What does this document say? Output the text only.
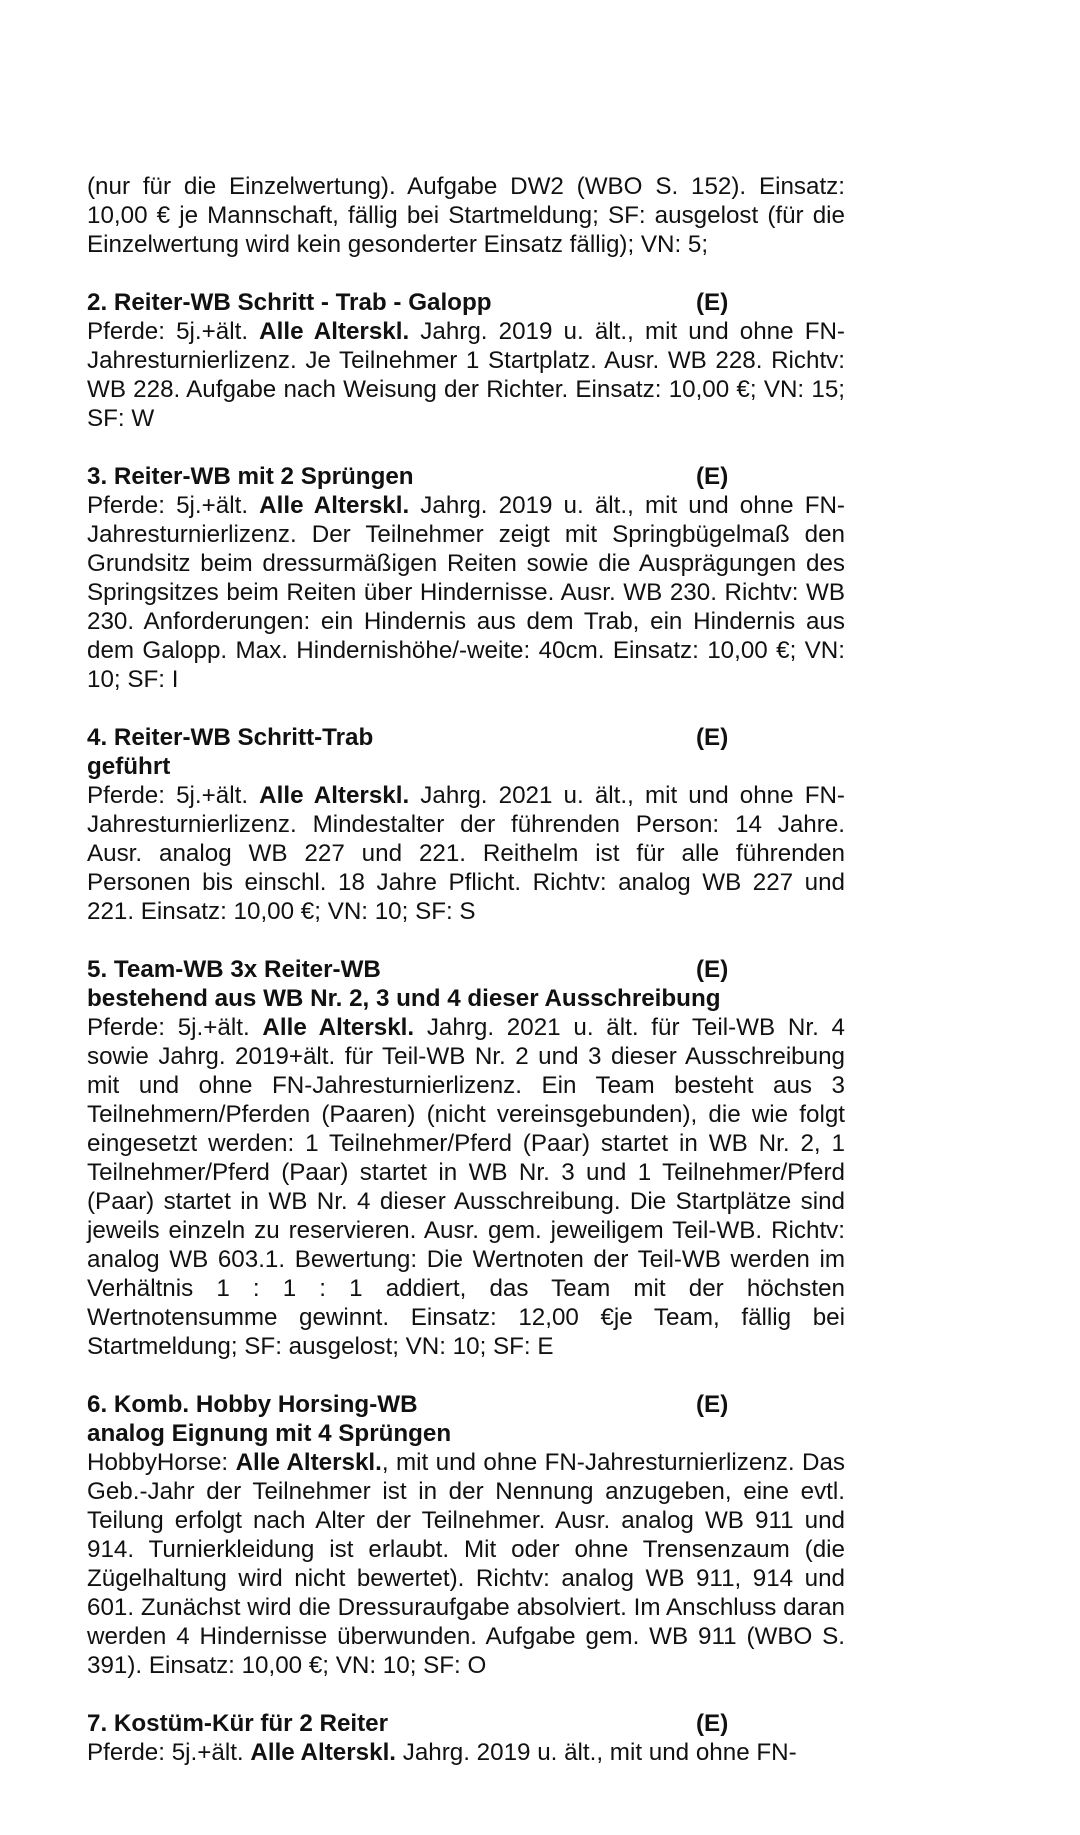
(nur für die Einzelwertung). Aufgabe DW2 (WBO S. 152). Einsatz: 10,00 € je Mannschaft, fällig bei Startmeldung; SF: ausgelost (für die Einzelwertung wird kein gesonderter Einsatz fällig); VN: 5;

2. Reiter-WB Schritt - Trab - Galopp	(E)

Pferde: 5j.+ält. Alle Alterskl. Jahrg. 2019 u. ält., mit und ohne FN-Jahresturnierlizenz. Je Teilnehmer 1 Startplatz. Ausr. WB 228. Richtv: WB 228. Aufgabe nach Weisung der Richter. Einsatz: 10,00 €; VN: 15; SF: W

3. Reiter-WB mit 2 Sprüngen	(E)

Pferde: 5j.+ält. Alle Alterskl. Jahrg. 2019 u. ält., mit und ohne FN-Jahresturnierlizenz. Der Teilnehmer zeigt mit Springbügelmaß den Grundsitz beim dressurmäßigen Reiten sowie die Ausprägungen des Springsitzes beim Reiten über Hindernisse. Ausr. WB 230. Richtv: WB 230. Anforderungen: ein Hindernis aus dem Trab, ein Hindernis aus dem Galopp. Max. Hindernishöhe/-weite: 40cm. Einsatz: 10,00 €; VN: 10; SF: I

4. Reiter-WB Schritt-Trab	(E)

geführt

Pferde: 5j.+ält. Alle Alterskl. Jahrg. 2021 u. ält., mit und ohne FN-Jahresturnierlizenz. Mindestalter der führenden Person: 14 Jahre. Ausr. analog WB 227 und 221. Reithelm ist für alle führenden Personen bis einschl. 18 Jahre Pflicht. Richtv: analog WB 227 und 221. Einsatz: 10,00 €; VN: 10; SF: S

5. Team-WB 3x Reiter-WB	(E)

bestehend aus WB Nr. 2, 3 und 4 dieser Ausschreibung

Pferde: 5j.+ält. Alle Alterskl. Jahrg. 2021 u. ält. für Teil-WB Nr. 4 sowie Jahrg. 2019+ält. für Teil-WB Nr. 2 und 3 dieser Ausschreibung mit und ohne FN-Jahresturnierlizenz. Ein Team besteht aus 3 Teilnehmern/Pferden (Paaren) (nicht vereinsgebunden), die wie folgt eingesetzt werden: 1 Teilnehmer/Pferd (Paar) startet in WB Nr. 2, 1 Teilnehmer/Pferd (Paar) startet in WB Nr. 3 und 1 Teilnehmer/Pferd (Paar) startet in WB Nr. 4 dieser Ausschreibung. Die Startplätze sind jeweils einzeln zu reservieren. Ausr. gem. jeweiligem Teil-WB. Richtv: analog WB 603.1. Bewertung: Die Wertnoten der Teil-WB werden im Verhältnis 1 : 1 : 1 addiert, das Team mit der höchsten Wertnotensumme gewinnt. Einsatz: 12,00 €je Team, fällig bei Startmeldung; SF: ausgelost; VN: 10; SF: E

6. Komb. Hobby Horsing-WB	(E)

analog Eignung mit 4 Sprüngen

HobbyHorse: Alle Alterskl., mit und ohne FN-Jahresturnierlizenz. Das Geb.-Jahr der Teilnehmer ist in der Nennung anzugeben, eine evtl. Teilung erfolgt nach Alter der Teilnehmer. Ausr. analog WB 911 und 914. Turnierkleidung ist erlaubt. Mit oder ohne Trensenzaum (die Zügelhaltung wird nicht bewertet). Richtv: analog WB 911, 914 und 601. Zunächst wird die Dressuraufgabe absolviert. Im Anschluss daran werden 4 Hindernisse überwunden. Aufgabe gem. WB 911 (WBO S. 391). Einsatz: 10,00 €; VN: 10; SF: O

7. Kostüm-Kür für 2 Reiter	(E)

Pferde: 5j.+ält. Alle Alterskl. Jahrg. 2019 u. ält., mit und ohne FN-
